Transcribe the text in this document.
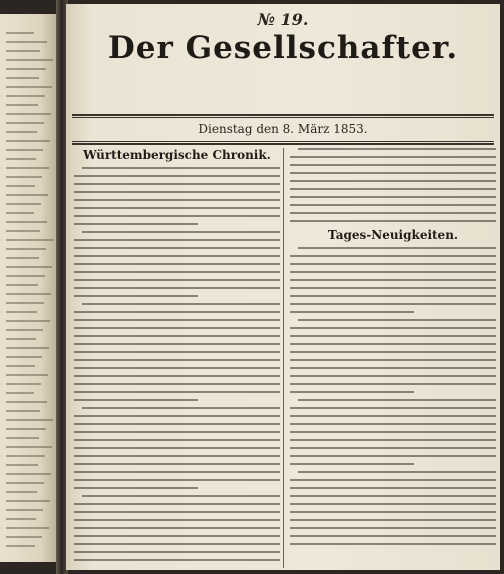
№ 19.
Der Gesellschafter.
Dienstag den 8. März 1853.
Württembergische Chronik.
Tages-Neuigkeiten.
